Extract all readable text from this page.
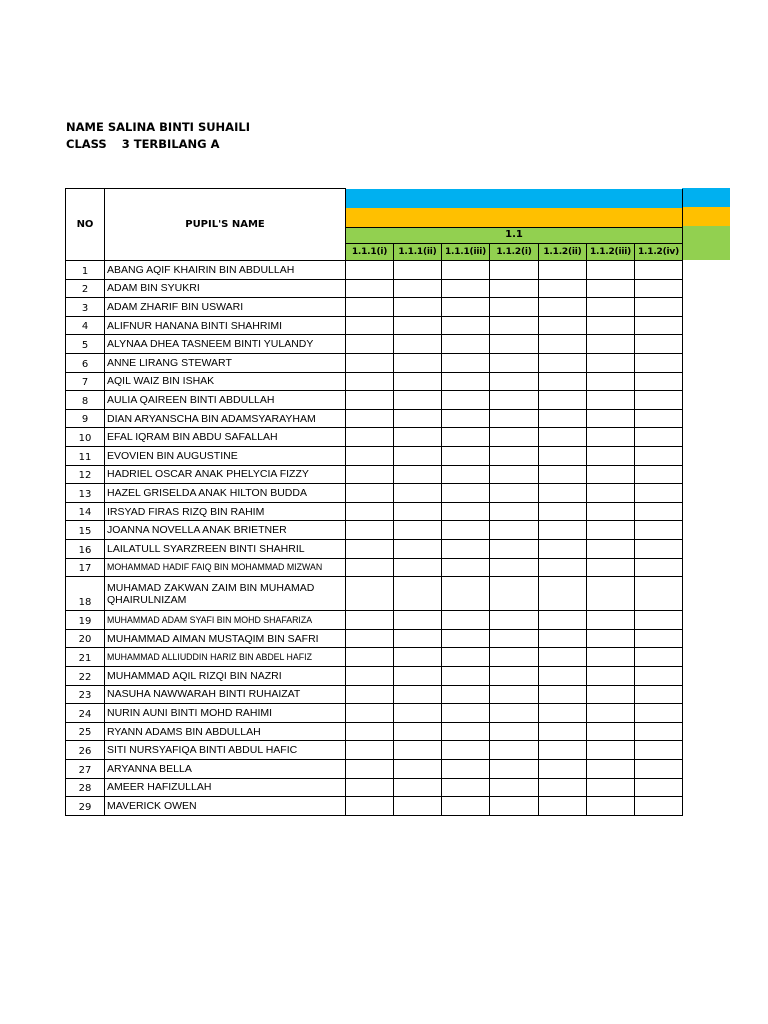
NAME SALINA BINTI SUHAILI
CLASS 3 TERBILANG A
NO	PUPIL'S NAME							

		1.1						
		1.1.1(i)	1.1.1(ii)	1.1.1(iii)	1.1.2(i)	1.1.2(ii)	1.1.2(iii)	1.1.2(iv)
1	ABANG AQIF KHAIRIN BIN ABDULLAH							
2	ADAM BIN SYUKRI							
3	ADAM ZHARIF BIN USWARI							
4	ALIFNUR HANANA BINTI SHAHRIMI							
5	ALYNAA DHEA TASNEEM BINTI YULANDY							
6	ANNE LIRANG STEWART							
7	AQIL WAIZ BIN ISHAK							
8	AULIA QAIREEN BINTI ABDULLAH							
9	DIAN ARYANSCHA BIN ADAMSYARAYHAM							
10	EFAL IQRAM BIN ABDU SAFALLAH							
11	EVOVIEN BIN AUGUSTINE							
12	HADRIEL OSCAR ANAK PHELYCIA FIZZY							
13	HAZEL GRISELDA ANAK HILTON BUDDA							
14	IRSYAD FIRAS RIZQ BIN RAHIM							
15	JOANNA NOVELLA ANAK BRIETNER							
16	LAILATULL SYARZREEN BINTI SHAHRIL							
17	MOHAMMAD HADIF FAIQ BIN MOHAMMAD MIZWAN							
18	MUHAMAD ZAKWAN ZAIM BIN MUHAMAD QHAIRULNIZAM							
19	MUHAMMAD ADAM SYAFI BIN MOHD SHAFARIZA							
20	MUHAMMAD AIMAN MUSTAQIM BIN SAFRI							
21	MUHAMMAD ALLIUDDIN HARIZ BIN ABDEL HAFIZ							
22	MUHAMMAD AQIL RIZQI BIN NAZRI							
23	NASUHA NAWWARAH BINTI RUHAIZAT							
24	NURIN AUNI BINTI MOHD RAHIMI							
25	RYANN ADAMS BIN ABDULLAH							
26	SITI NURSYAFIQA BINTI ABDUL HAFIC							
27	ARYANNA BELLA							
28	AMEER HAFIZULLAH							
29	MAVERICK OWEN							
